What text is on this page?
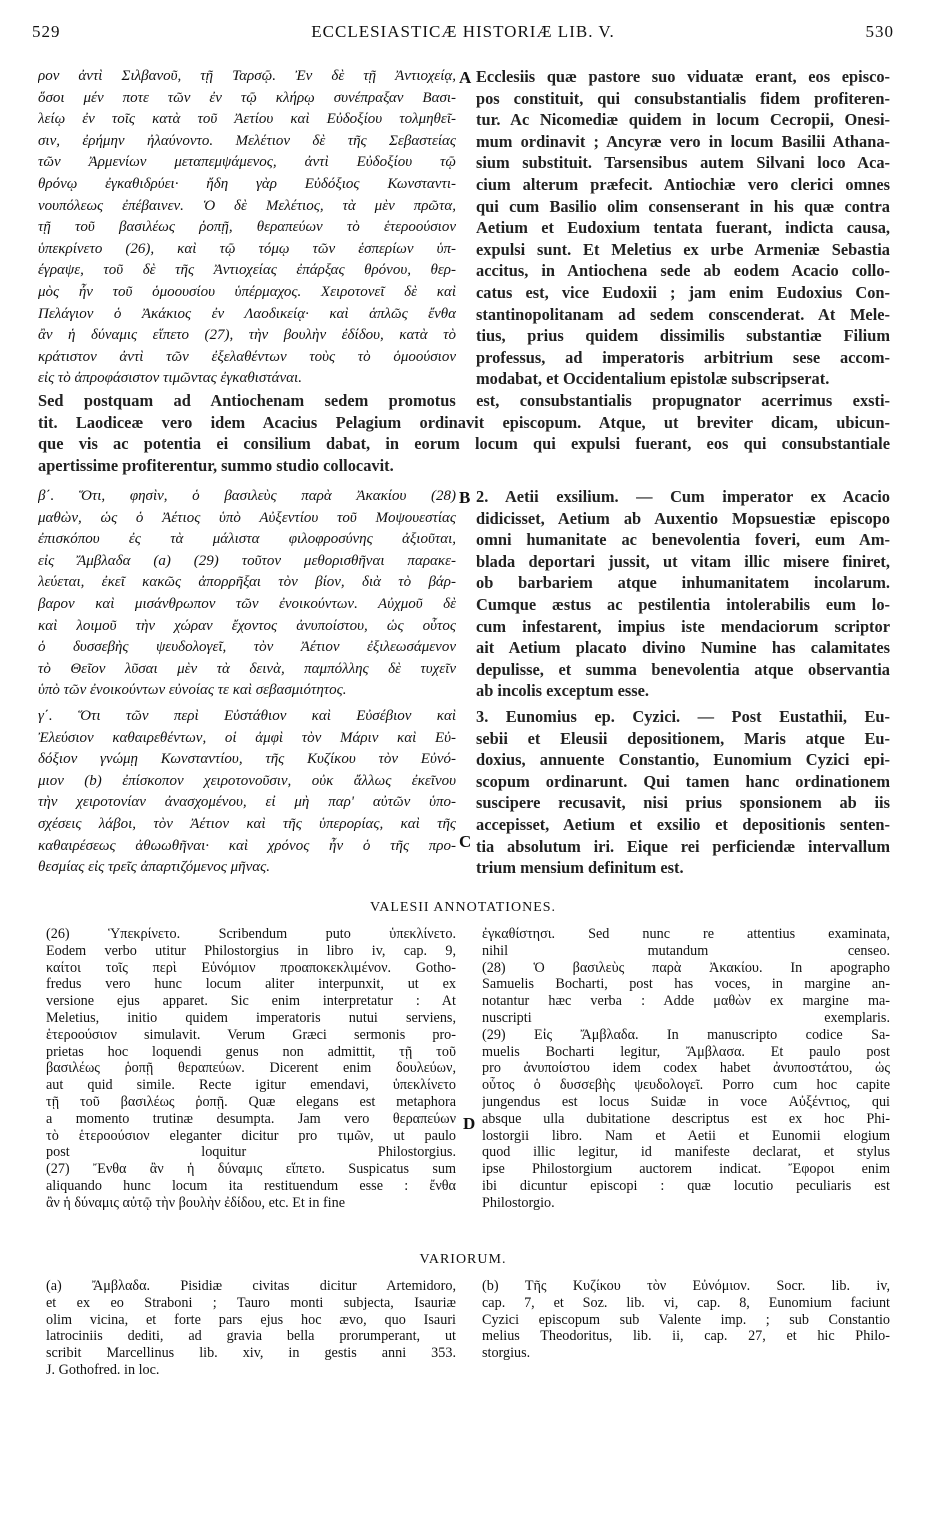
529	ECCLESIASTICÆ HISTORIÆ LIB. V.	530
ρον ἀντὶ Σιλβανοῦ, τῇ Ταρσῷ. Ἐν δὲ τῇ Ἀντιοχείᾳ,
ὅσοι μέν ποτε τῶν ἐν τῷ κλήρῳ συνέπραξαν Βασι-
λείῳ ἐν τοῖς κατὰ τοῦ Ἀετίου καὶ Εὐδοξίου τολμηθεῖ-
σιν, ἐρήμην ἠλαύνοντο. Μελέτιον δὲ τῆς Σεβαστείας
τῶν Ἀρμενίων μεταπεμψάμενος, ἀντὶ Εὐδοξίου τῷ
θρόνῳ ἐγκαθιδρύει· ἤδη γὰρ Εὐδόξιος Κωνσταντι-
νουπόλεως ἐπέβαινεν. Ὁ δὲ Μελέτιος, τὰ μὲν πρῶτα,
τῇ τοῦ βασιλέως ῥοπῇ, θεραπεύων τὸ ἑτεροούσιον
ὑπεκρίνετο (26), καὶ τῷ τόμῳ τῶν ἑσπερίων ὑπ-
έγραψε, τοῦ δὲ τῆς Ἀντιοχείας ἐπάρξας θρόνου, θερ-
μὸς ἦν τοῦ ὁμοουσίου ὑπέρμαχος. Χειροτονεῖ δὲ καὶ
Πελάγιον ὁ Ἀκάκιος ἐν Λαοδικείᾳ· καὶ ἁπλῶς ἔνθα
ἂν ἡ δύναμις εἵπετο (27), τὴν βουλὴν ἐδίδου, κατὰ τὸ
κράτιστον ἀντὶ τῶν ἐξελαθέντων τοὺς τὸ ὁμοούσιον
εἰς τὸ ἀπροφάσιστον τιμῶντας ἐγκαθιστάναι.
Ecclesiis quæ pastore suo viduatæ erant, eos episco-
pos constituit, qui consubstantialis fidem profiteren-
tur. Ac Nicomediæ quidem in locum Cecropii, Onesi-
mum ordinavit ; Ancyræ vero in locum Basilii Athana-
sium substituit. Tarsensibus autem Silvani loco Aca-
cium alterum præfecit. Antiochiæ vero clerici omnes
qui cum Basilio olim consenserant in his quæ contra
Aetium et Eudoxium tentata fuerant, indicta causa,
expulsi sunt. Et Meletius ex urbe Armeniæ Sebastia
accitus, in Antiochena sede ab eodem Acacio collo-
catus est, vice Eudoxii ; jam enim Eudoxius Con-
stantinopolitanam ad sedem conscenderat. At Mele-
tius, prius quidem dissimilis substantiæ Filium
professus, ad imperatoris arbitrium sese accom-
modabat, et Occidentalium epistolæ subscripserat.
Sed postquam ad Antiochenam sedem promotus est, consubstantialis propugnator acerrimus exsti-
tit. Laodiceæ vero idem Acacius Pelagium ordinavit episcopum. Atque, ut breviter dicam, ubicun-
que vis ac potentia ei consilium dabat, in eorum locum qui expulsi fuerant, eos qui consubstantiale
apertissime profiterentur, summo studio collocavit.
A
β΄. Ὅτι, φησὶν, ὁ βασιλεὺς παρὰ Ἀκακίου (28)
μαθὼν, ὡς ὁ Ἀέτιος ὑπὸ Αὐξεντίου τοῦ Μοψουεστίας
ἐπισκόπου ἐς τὰ μάλιστα φιλοφροσύνης ἀξιοῦται,
εἰς Ἄμβλαδα (a) (29) τοῦτον μεθορισθῆναι παρακε-
λεύεται, ἐκεῖ κακῶς ἀπορρῆξαι τὸν βίον, διὰ τὸ βάρ-
βαρον καὶ μισάνθρωπον τῶν ἐνοικούντων. Αὐχμοῦ δὲ
καὶ λοιμοῦ τὴν χώραν ἔχοντος ἀνυποίστου, ὡς οὗτος
ὁ δυσσεβὴς ψευδολογεῖ, τὸν Ἀέτιον ἐξιλεωσάμενον
τὸ Θεῖον λῦσαι μὲν τὰ δεινὰ, παμπόλλης δὲ τυχεῖν
ὑπὸ τῶν ἐνοικούντων εὐνοίας τε καὶ σεβασμιότητος.
2. Aetii exsilium. — Cum imperator ex Acacio
didicisset, Aetium ab Auxentio Mopsuestiæ episcopo
omni humanitate ac benevolentia foveri, eum Am-
blada deportari jussit, ut vitam illic misere finiret,
ob barbariem atque inhumanitatem incolarum.
Cumque æstus ac pestilentia intolerabilis eum lo-
cum infestarent, impius iste mendaciorum scriptor
ait Aetium placato divino Numine has calamitates
depulisse, et summa benevolentia atque observantia
ab incolis exceptum esse.
B
γ΄. Ὅτι τῶν περὶ Εὐστάθιον καὶ Εὐσέβιον καὶ
Ἐλεύσιον καθαιρεθέντων, οἱ ἀμφὶ τὸν Μάριν καὶ Εὐ-
δόξιον γνώμῃ Κωνσταντίου, τῆς Κυζίκου τὸν Εὐνό-
μιον (b) ἐπίσκοπον χειροτονοῦσιν, οὐκ ἄλλως ἐκεῖνου
τὴν χειροτονίαν ἀνασχομένου, εἰ μὴ παρ' αὐτῶν ὑπο-
σχέσεις λάβοι, τὸν Ἀέτιον καὶ τῆς ὑπερορίας, καὶ τῆς
καθαιρέσεως ἀθωωθῆναι· καὶ χρόνος ἦν ὁ τῆς προ-
θεσμίας εἰς τρεῖς ἀπαρτιζόμενος μῆνας.
3. Eunomius ep. Cyzici. — Post Eustathii, Eu-
sebii et Eleusii depositionem, Maris atque Eu-
doxius, annuente Constantio, Eunomium Cyzici epi-
scopum ordinarunt. Qui tamen hanc ordinationem
suscipere recusavit, nisi prius sponsionem ab iis
accepisset, Aetium et exsilio et depositionis senten-
tia absolutum iri. Eique rei perficiendæ intervallum
trium mensium definitum est.
C
VALESII ANNOTATIONES.
(26) Ὑπεκρίνετο. Scribendum puto ὑπεκλίνετο.
Eodem verbo utitur Philostorgius in libro iv, cap. 9,
καίτοι τοῖς περὶ Εὐνόμιον προαποκεκλιμένον. Gotho-
fredus vero hunc locum aliter interpunxit, ut ex
versione ejus apparet. Sic enim interpretatur : At
Meletius, initio quidem imperatoris nutui serviens,
ἑτεροούσιον simulavit. Verum Græci sermonis pro-
prietas hoc loquendi genus non admittit, τῇ τοῦ
βασιλέως ῥοπῇ θεραπεύων. Dicerent enim δουλεύων,
aut quid simile. Recte igitur emendavi, ὑπεκλίνετο
τῇ τοῦ βασιλέως ῥοπῇ. Quæ elegans est metaphora
a momento trutinæ desumpta. Jam vero θεραπεύων
τὸ ἑτεροούσιον eleganter dicitur pro τιμῶν, ut paulo
post loquitur Philostorgius.
(27) Ἔνθα ἂν ἡ δύναμις εἵπετο. Suspicatus sum
aliquando hunc locum ita restituendum esse : ἔνθα
ἂν ἡ δύναμις αὐτῷ τὴν βουλὴν ἐδίδου, etc. Et in fine
ἐγκαθίστησι. Sed nunc re attentius examinata,
nihil mutandum censeo.
(28) Ὁ βασιλεὺς παρὰ Ἀκακίου. In apographo
Samuelis Bocharti, post has voces, in margine an-
notantur hæc verba : Adde μαθὼν ex margine ma-
nuscripti exemplaris.
(29) Εἰς Ἄμβλαδα. In manuscripto codice Sa-
muelis Bocharti legitur, Ἄμβλασα. Et paulo post
pro ἀνυποίστου idem codex habet ἀνυποστάτου, ὡς
οὗτος ὁ δυσσεβὴς ψευδολογεῖ. Porro cum hoc capite
jungendus est locus Suidæ in voce Αὐξέντιος, qui
absque ulla dubitatione descriptus est ex hoc Phi-
lostorgii libro. Nam et Aetii et Eunomii elogium
quod illic legitur, id manifeste declarat, et stylus
ipse Philostorgium auctorem indicat. Ἔφοροι enim
ibi dicuntur episcopi : quæ locutio peculiaris est
Philostorgio.
D
VARIORUM.
(a) Ἄμβλαδα. Pisidiæ civitas dicitur Artemidoro,
et ex eo Straboni ; Tauro monti subjecta, Isauriæ
olim vicina, et forte pars ejus hoc ævo, quo Isauri
latrociniis dediti, ad gravia bella prorumperant, ut
scribit Marcellinus lib. xiv, in gestis anni 353.
J. Gothofred. in loc.
(b) Τῆς Κυζίκου τὸν Εὐνόμιον. Socr. lib. iv,
cap. 7, et Soz. lib. vi, cap. 8, Eunomium faciunt
Cyzici episcopum sub Valente imp. ; sub Constantio
melius Theodoritus, lib. ii, cap. 27, et hic Philo-
storgius.
